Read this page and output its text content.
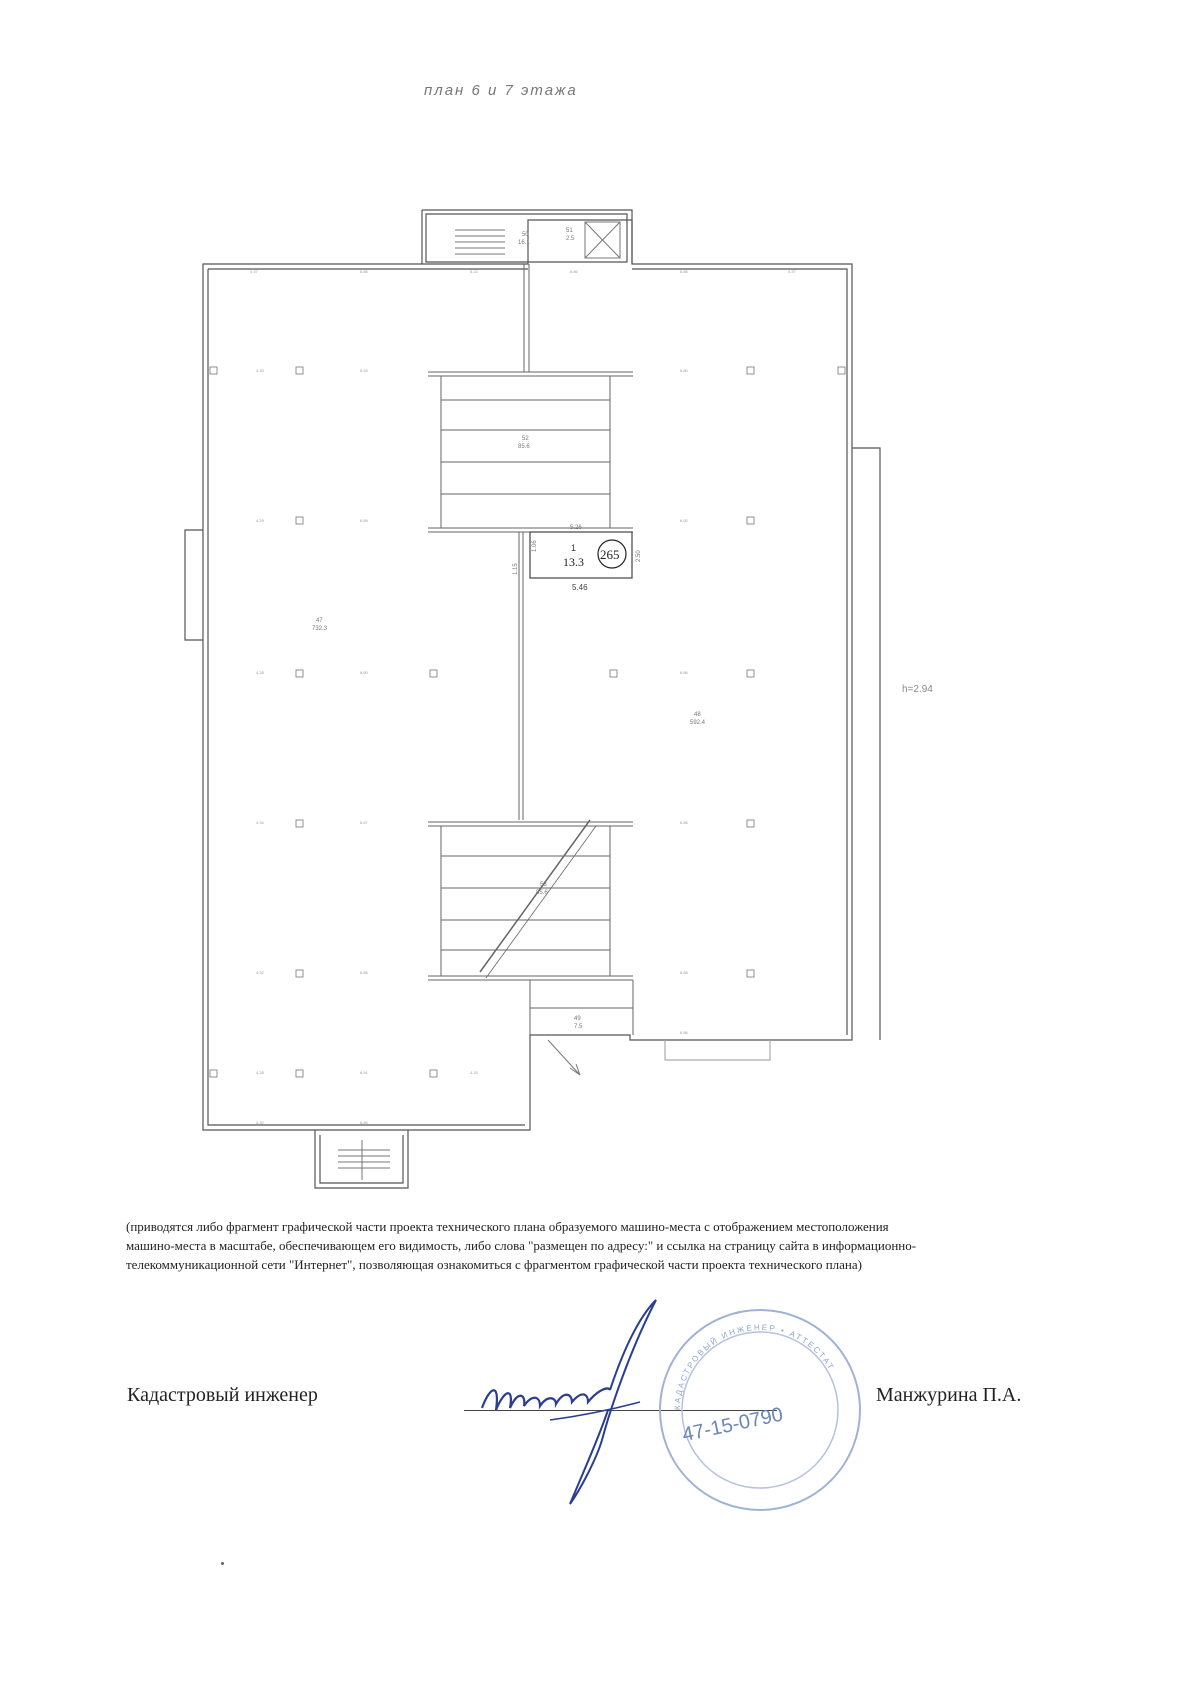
план 6 и 7 этажа
4.37	6.86	5.22	6.86	6.86	4.37
4.33	6.93	6.80
4.29	6.89	6.92
4.28	6.90	6.86
4.34	6.87	6.86
4.32	6.86	6.88
4.28	6.91	4.33
6.86
4.32	6.89
47
732.3
48
592.4
52
85.6
53
85.6
50
16.1
51
2.5
49
7.5
265
1
13.3
5.26
5.46
1.15
1.06
2.50
h=2.94

(приводятся либо фрагмент графической части проекта технического плана образуемого машино-места с отображением местоположения

машино-места в масштабе, обеспечивающем его видимость, либо слова "размещен по адресу:" и ссылка на страницу сайта в информационно-

телекоммуникационной сети "Интернет", позволяющая ознакомиться с фрагментом графической части проекта технического плана)

Кадастровый инженер
КАДАСТРОВЫЙ ИНЖЕНЕР • АТТЕСТАТ
47-15-0790
Манжурина П.А.
